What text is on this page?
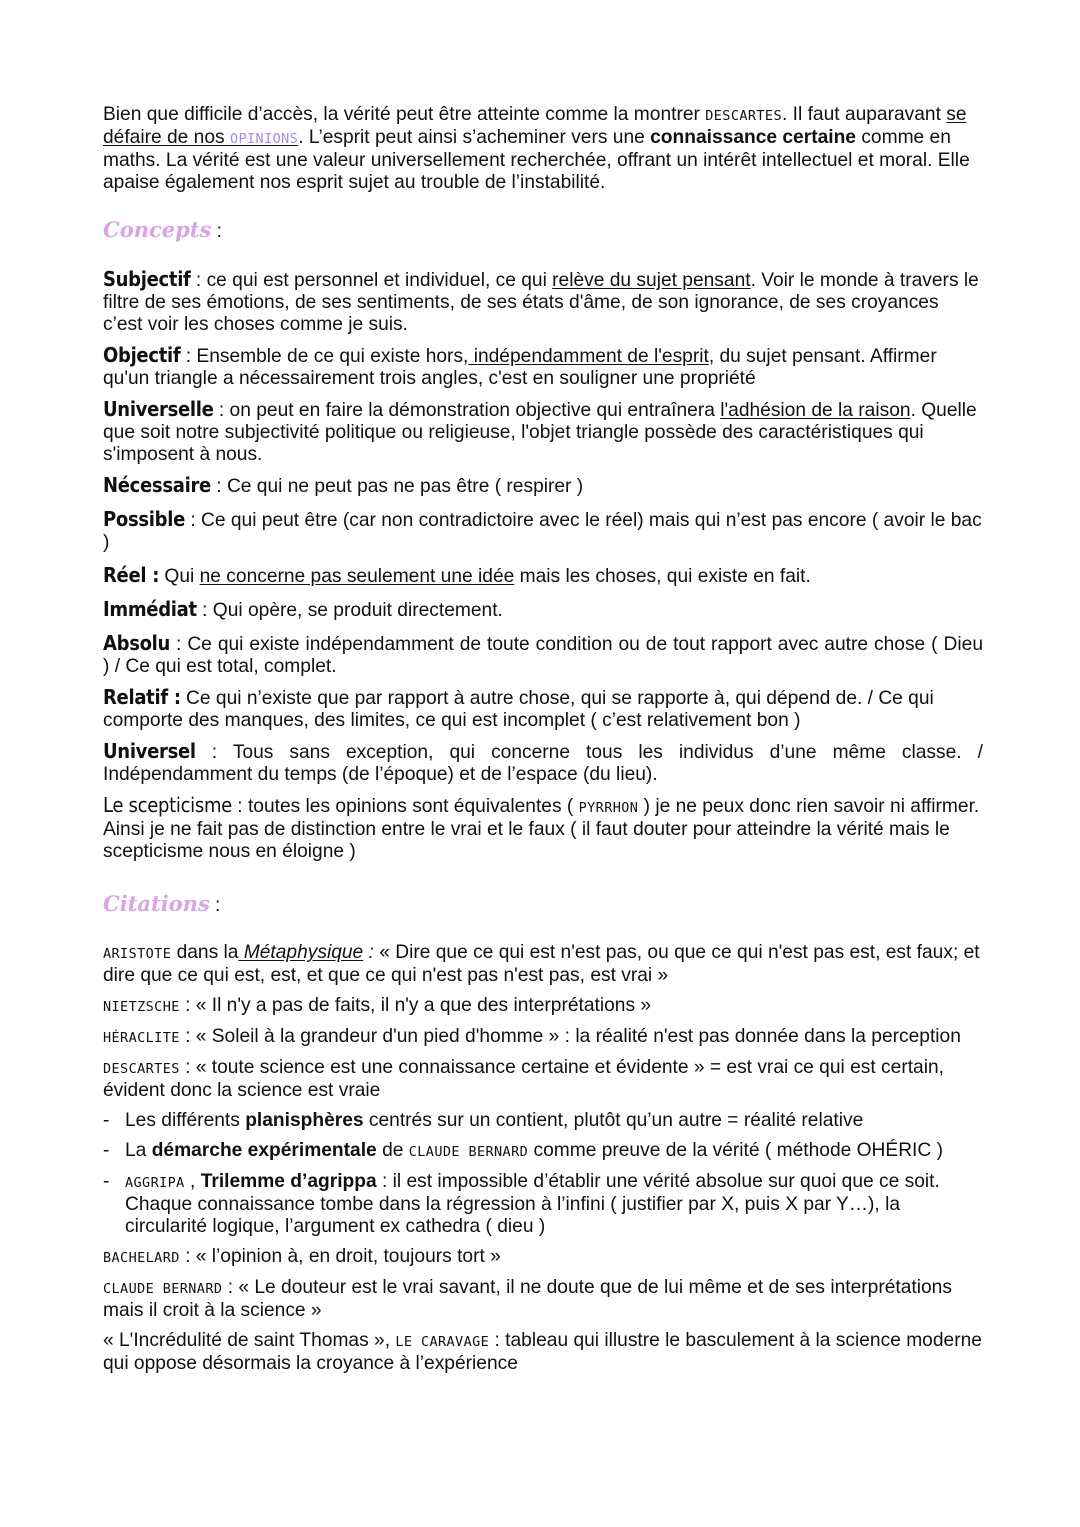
Bien que difficile d’accès, la vérité peut être atteinte comme la montrer DESCARTES. Il faut auparavant se défaire de nos OPINIONS. L’esprit peut ainsi s’acheminer vers une connaissance certaine comme en maths. La vérité est une valeur universellement recherchée, offrant un intérêt intellectuel et moral. Elle apaise également nos esprit sujet au trouble de l’instabilité.

Concepts :

Subjectif : ce qui est personnel et individuel, ce qui relève du sujet pensant. Voir le monde à travers le filtre de ses émotions, de ses sentiments, de ses états d'âme, de son ignorance, de ses croyances c’est voir les choses comme je suis.

Objectif : Ensemble de ce qui existe hors, indépendamment de l'esprit, du sujet pensant. Affirmer qu'un triangle a nécessairement trois angles, c'est en souligner une propriété

Universelle : on peut en faire la démonstration objective qui entraînera l'adhésion de la raison. Quelle que soit notre subjectivité politique ou religieuse, l'objet triangle possède des caractéristiques qui s'imposent à nous.

Nécessaire : Ce qui ne peut pas ne pas être ( respirer )

Possible : Ce qui peut être (car non contradictoire avec le réel) mais qui n’est pas encore ( avoir le bac )

Réel : Qui ne concerne pas seulement une idée mais les choses, qui existe en fait.

Immédiat : Qui opère, se produit directement.

Absolu : Ce qui existe indépendamment de toute condition ou de tout rapport avec autre chose ( Dieu ) / Ce qui est total, complet.

Relatif : Ce qui n’existe que par rapport à autre chose, qui se rapporte à, qui dépend de. / Ce qui comporte des manques, des limites, ce qui est incomplet ( c’est relativement bon )

Universel : Tous sans exception, qui concerne tous les individus d’une même classe. / Indépendamment du temps (de l’époque) et de l’espace (du lieu).

Le scepticisme : toutes les opinions sont équivalentes ( PYRRHON ) je ne peux donc rien savoir ni affirmer. Ainsi je ne fait pas de distinction entre le vrai et le faux ( il faut douter pour atteindre la vérité mais le scepticisme nous en éloigne )

Citations :

ARISTOTE dans la Métaphysique : « Dire que ce qui est n'est pas, ou que ce qui n'est pas est, est faux; et dire que ce qui est, est, et que ce qui n'est pas n'est pas, est vrai »

NIETZSCHE : « Il n'y a pas de faits, il n'y a que des interprétations »

HÉRACLITE : « Soleil à la grandeur d'un pied d'homme » : la réalité n'est pas donnée dans la perception

DESCARTES : « toute science est une connaissance certaine et évidente » = est vrai ce qui est certain, évident donc la science est vraie

- Les différents planisphères centrés sur un contient, plutôt qu’un autre = réalité relative
- La démarche expérimentale de CLAUDE BERNARD comme preuve de la vérité ( méthode OHÉRIC )
-	AGGRIPA , Trilemme d’agrippa : il est impossible d’établir une vérité absolue sur quoi que ce soit. Chaque connaissance tombe dans la régression à l’infini ( justifier par X, puis X par Y…), la circularité logique, l’argument ex cathedra ( dieu )

BACHELARD : « l’opinion à, en droit, toujours tort »

CLAUDE BERNARD : « Le douteur est le vrai savant, il ne doute que de lui même et de ses interprétations mais il croit à la science »

« L'Incrédulité de saint Thomas », LE CARAVAGE : tableau qui illustre le basculement à la science moderne qui oppose désormais la croyance à l’expérience
